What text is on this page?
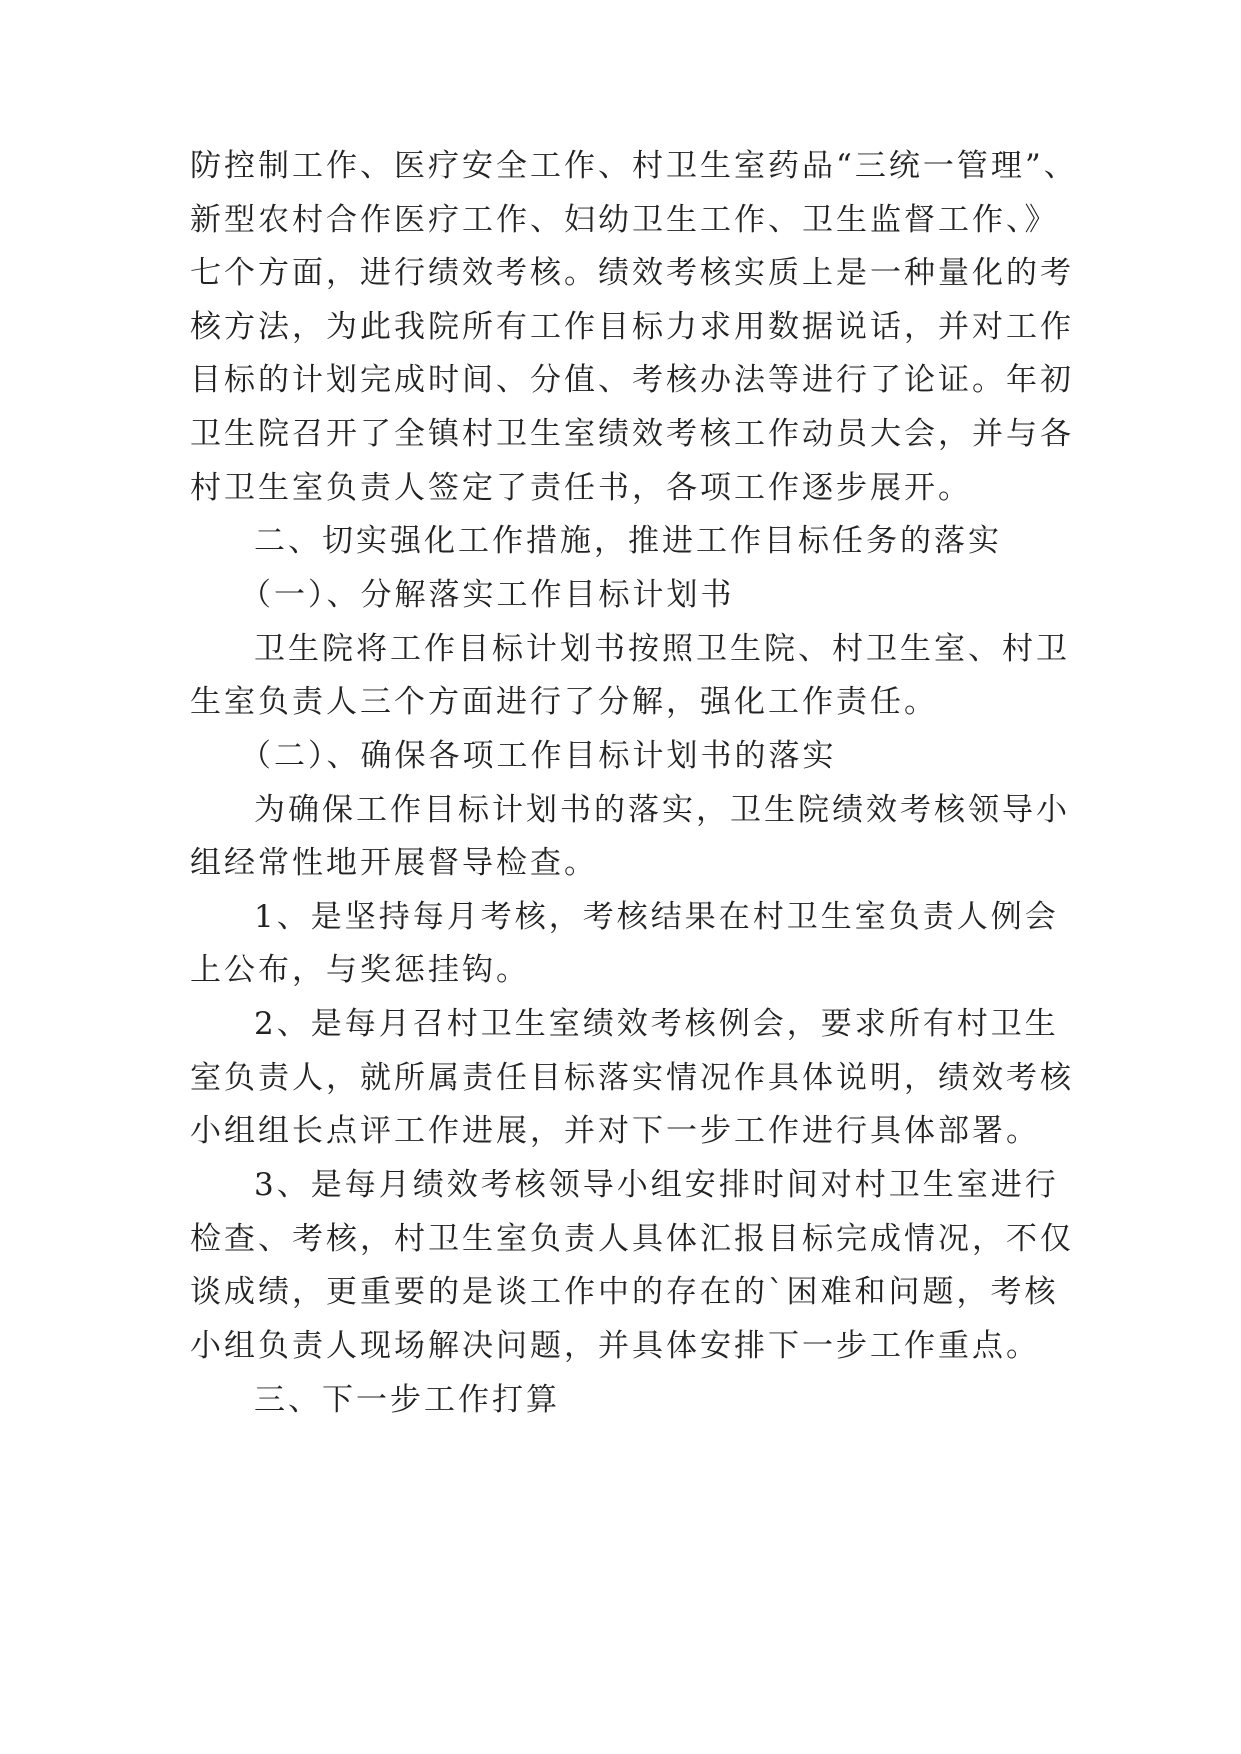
防控制工作、医疗安全工作、村卫生室药品“三统一管理”、
新型农村合作医疗工作、妇幼卫生工作、卫生监督工作、》
七个方面，进行绩效考核。绩效考核实质上是一种量化的考
核方法，为此我院所有工作目标力求用数据说话，并对工作
目标的计划完成时间、分值、考核办法等进行了论证。年初
卫生院召开了全镇村卫生室绩效考核工作动员大会，并与各
村卫生室负责人签定了责任书，各项工作逐步展开。
二、切实强化工作措施，推进工作目标任务的落实
（一）、分解落实工作目标计划书
卫生院将工作目标计划书按照卫生院、村卫生室、村卫
生室负责人三个方面进行了分解，强化工作责任。
（二）、确保各项工作目标计划书的落实
为确保工作目标计划书的落实，卫生院绩效考核领导小
组经常性地开展督导检查。
1、是坚持每月考核，考核结果在村卫生室负责人例会
上公布，与奖惩挂钩。
2、是每月召村卫生室绩效考核例会，要求所有村卫生
室负责人，就所属责任目标落实情况作具体说明，绩效考核
小组组长点评工作进展，并对下一步工作进行具体部署。
3、是每月绩效考核领导小组安排时间对村卫生室进行
检查、考核，村卫生室负责人具体汇报目标完成情况，不仅
谈成绩，更重要的是谈工作中的存在的`困难和问题，考核
小组负责人现场解决问题，并具体安排下一步工作重点。
三、下一步工作打算
